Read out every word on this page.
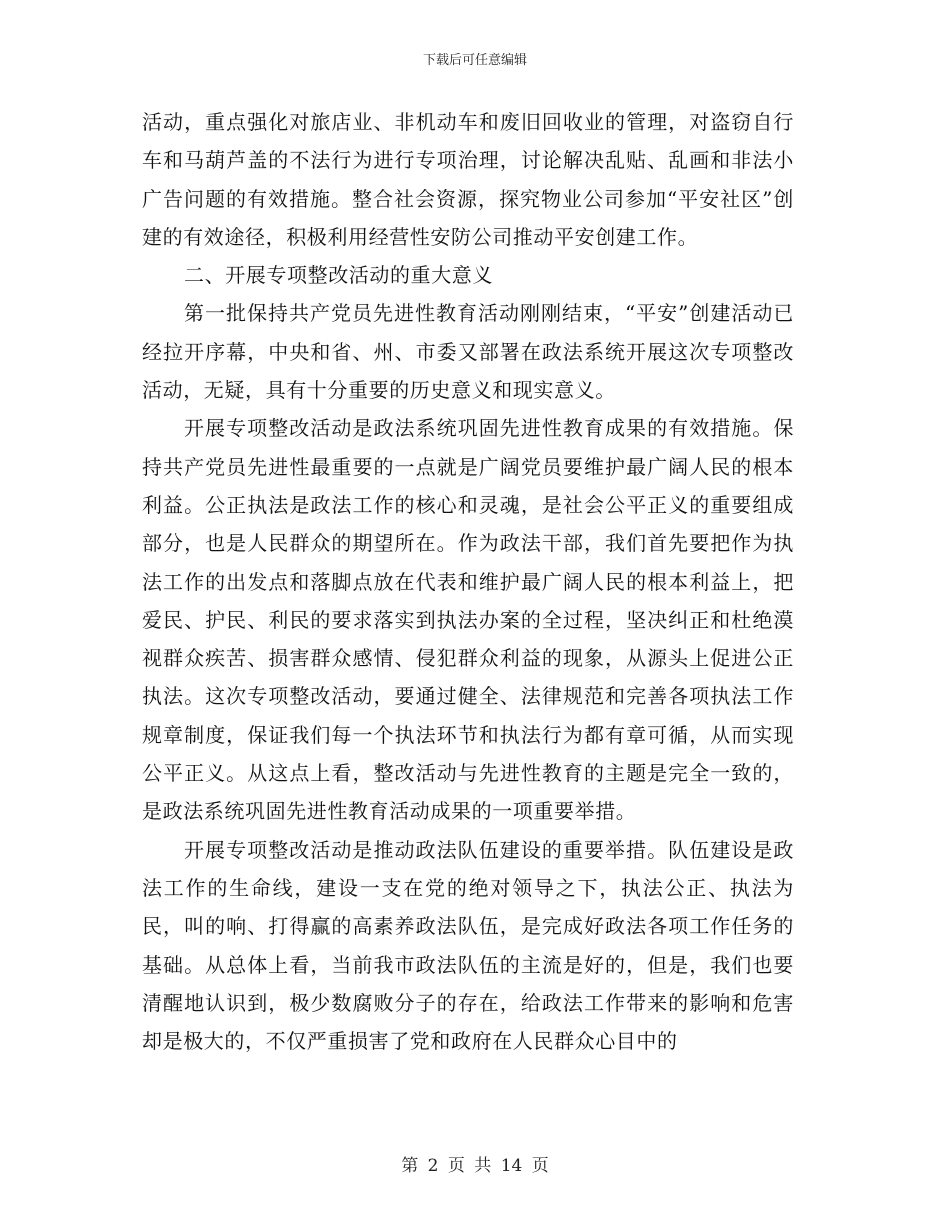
下载后可任意编辑

活动，重点强化对旅店业、非机动车和废旧回收业的管理，对盗窃自行车和马葫芦盖的不法行为进行专项治理，讨论解决乱贴、乱画和非法小广告问题的有效措施。整合社会资源，探究物业公司参加“平安社区”创建的有效途径，积极利用经营性安防公司推动平安创建工作。

二、开展专项整改活动的重大意义

第一批保持共产党员先进性教育活动刚刚结束，“平安”创建活动已经拉开序幕，中央和省、州、市委又部署在政法系统开展这次专项整改活动，无疑，具有十分重要的历史意义和现实意义。

开展专项整改活动是政法系统巩固先进性教育成果的有效措施。保持共产党员先进性最重要的一点就是广阔党员要维护最广阔人民的根本利益。公正执法是政法工作的核心和灵魂，是社会公平正义的重要组成部分，也是人民群众的期望所在。作为政法干部，我们首先要把作为执法工作的出发点和落脚点放在代表和维护最广阔人民的根本利益上，把爱民、护民、利民的要求落实到执法办案的全过程，坚决纠正和杜绝漠视群众疾苦、损害群众感情、侵犯群众利益的现象，从源头上促进公正执法。这次专项整改活动，要通过健全、法律规范和完善各项执法工作规章制度，保证我们每一个执法环节和执法行为都有章可循，从而实现公平正义。从这点上看，整改活动与先进性教育的主题是完全一致的，是政法系统巩固先进性教育活动成果的一项重要举措。

开展专项整改活动是推动政法队伍建设的重要举措。队伍建设是政法工作的生命线，建设一支在党的绝对领导之下，执法公正、执法为民，叫的响、打得赢的高素养政法队伍，是完成好政法各项工作任务的基础。从总体上看，当前我市政法队伍的主流是好的，但是，我们也要清醒地认识到，极少数腐败分子的存在，给政法工作带来的影响和危害却是极大的，不仅严重损害了党和政府在人民群众心目中的

第 2 页 共 14 页
